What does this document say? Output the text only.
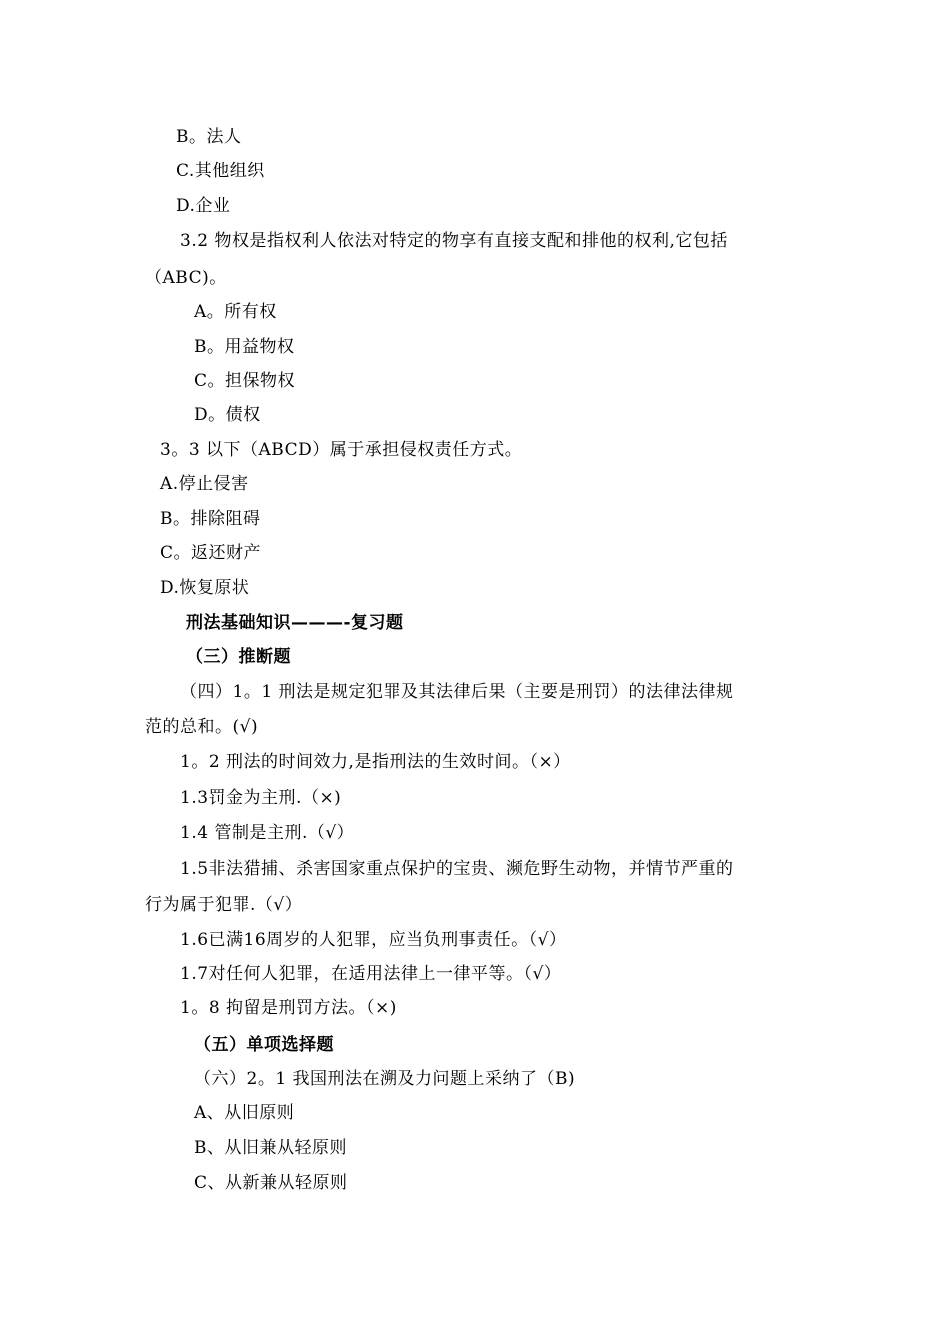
B。法人
C.其他组织
D.企业
3.2 物权是指权利人依法对特定的物享有直接支配和排他的权利,它包括
（ABC)。
A。所有权
B。用益物权
C。担保物权
D。债权
3。3 以下（ABCD）属于承担侵权责任方式。
A.停止侵害
B。排除阻碍
C。返还财产
D.恢复原状
刑法基础知识———-复习题
（三）推断题
（四）1。1 刑法是规定犯罪及其法律后果（主要是刑罚）的法律法律规
范的总和。(√)
1。2 刑法的时间效力,是指刑法的生效时间。（×）
1.3罚金为主刑.（×)
1.4 管制是主刑.（√）
1.5非法猎捕、杀害国家重点保护的宝贵、濒危野生动物，并情节严重的
行为属于犯罪.（√）
1.6已满16周岁的人犯罪，应当负刑事责任。（√）
1.7对任何人犯罪，在适用法律上一律平等。（√）
1。8 拘留是刑罚方法。（×)
（五）单项选择题
（六）2。1 我国刑法在溯及力问题上采纳了（B)
A、从旧原则
B、从旧兼从轻原则
C、从新兼从轻原则
